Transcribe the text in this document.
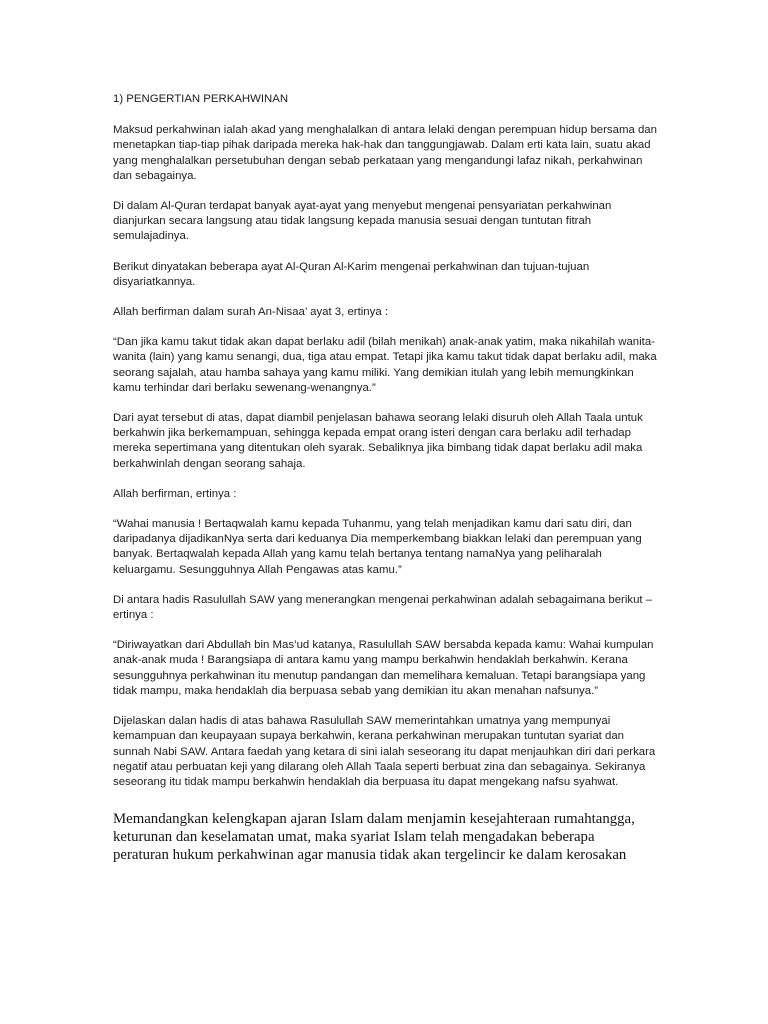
1) PENGERTIAN PERKAHWINAN

Maksud perkahwinan ialah akad yang menghalalkan di antara lelaki dengan perempuan hidup bersama dan menetapkan tiap-tiap pihak daripada mereka hak-hak dan tanggungjawab. Dalam erti kata lain, suatu akad yang menghalalkan persetubuhan dengan sebab perkataan yang mengandungi lafaz nikah, perkahwinan dan sebagainya.

Di dalam Al-Quran terdapat banyak ayat-ayat yang menyebut mengenai pensyariatan perkahwinan dianjurkan secara langsung atau tidak langsung kepada manusia sesuai dengan tuntutan fitrah semulajadinya.

Berikut dinyatakan beberapa ayat Al-Quran Al-Karim mengenai perkahwinan dan tujuan-tujuan disyariatkannya.

Allah berfirman dalam surah An-Nisaa’ ayat 3, ertinya :

“Dan jika kamu takut tidak akan dapat berlaku adil (bilah menikah) anak-anak yatim, maka nikahilah wanita-wanita (lain) yang kamu senangi, dua, tiga atau empat. Tetapi jika kamu takut tidak dapat berlaku adil, maka seorang sajalah, atau hamba sahaya yang kamu miliki. Yang demikian itulah yang lebih memungkinkan kamu terhindar dari berlaku sewenang-wenangnya.”

Dari ayat tersebut di atas, dapat diambil penjelasan bahawa seorang lelaki disuruh oleh Allah Taala untuk berkahwin jika berkemampuan, sehingga kepada empat orang isteri dengan cara berlaku adil terhadap mereka sepertimana yang ditentukan oleh syarak. Sebaliknya jika bimbang tidak dapat berlaku adil maka berkahwinlah dengan seorang sahaja.

Allah berfirman, ertinya :

“Wahai manusia ! Bertaqwalah kamu kepada Tuhanmu, yang telah menjadikan kamu dari satu diri, dan daripadanya dijadikanNya serta dari keduanya Dia memperkembang biakkan lelaki dan perempuan yang banyak. Bertaqwalah kepada Allah yang kamu telah bertanya tentang namaNya yang peliharalah keluargamu. Sesungguhnya Allah Pengawas atas kamu.”

Di antara hadis Rasulullah SAW yang menerangkan mengenai perkahwinan adalah sebagaimana berikut – ertinya :

“Diriwayatkan dari Abdullah bin Mas’ud katanya, Rasulullah SAW bersabda kepada kamu: Wahai kumpulan anak-anak muda ! Barangsiapa di antara kamu yang mampu berkahwin hendaklah berkahwin. Kerana sesungguhnya perkahwinan itu menutup pandangan dan memelihara kemaluan. Tetapi barangsiapa yang tidak mampu, maka hendaklah dia berpuasa sebab yang demikian itu akan menahan nafsunya.”

Dijelaskan dalan hadis di atas bahawa Rasulullah SAW memerintahkan umatnya yang mempunyai kemampuan dan keupayaan supaya berkahwin, kerana perkahwinan merupakan tuntutan syariat dan sunnah Nabi SAW. Antara faedah yang ketara di sini ialah seseorang itu dapat menjauhkan diri dari perkara negatif atau perbuatan keji yang dilarang oleh Allah Taala seperti berbuat zina dan sebagainya. Sekiranya seseorang itu tidak mampu berkahwin hendaklah dia berpuasa itu dapat mengekang nafsu syahwat.

Memandangkan kelengkapan ajaran Islam dalam menjamin kesejahteraan rumahtangga, keturunan dan keselamatan umat, maka syariat Islam telah mengadakan beberapa peraturan hukum perkahwinan agar manusia tidak akan tergelincir ke dalam kerosakan
